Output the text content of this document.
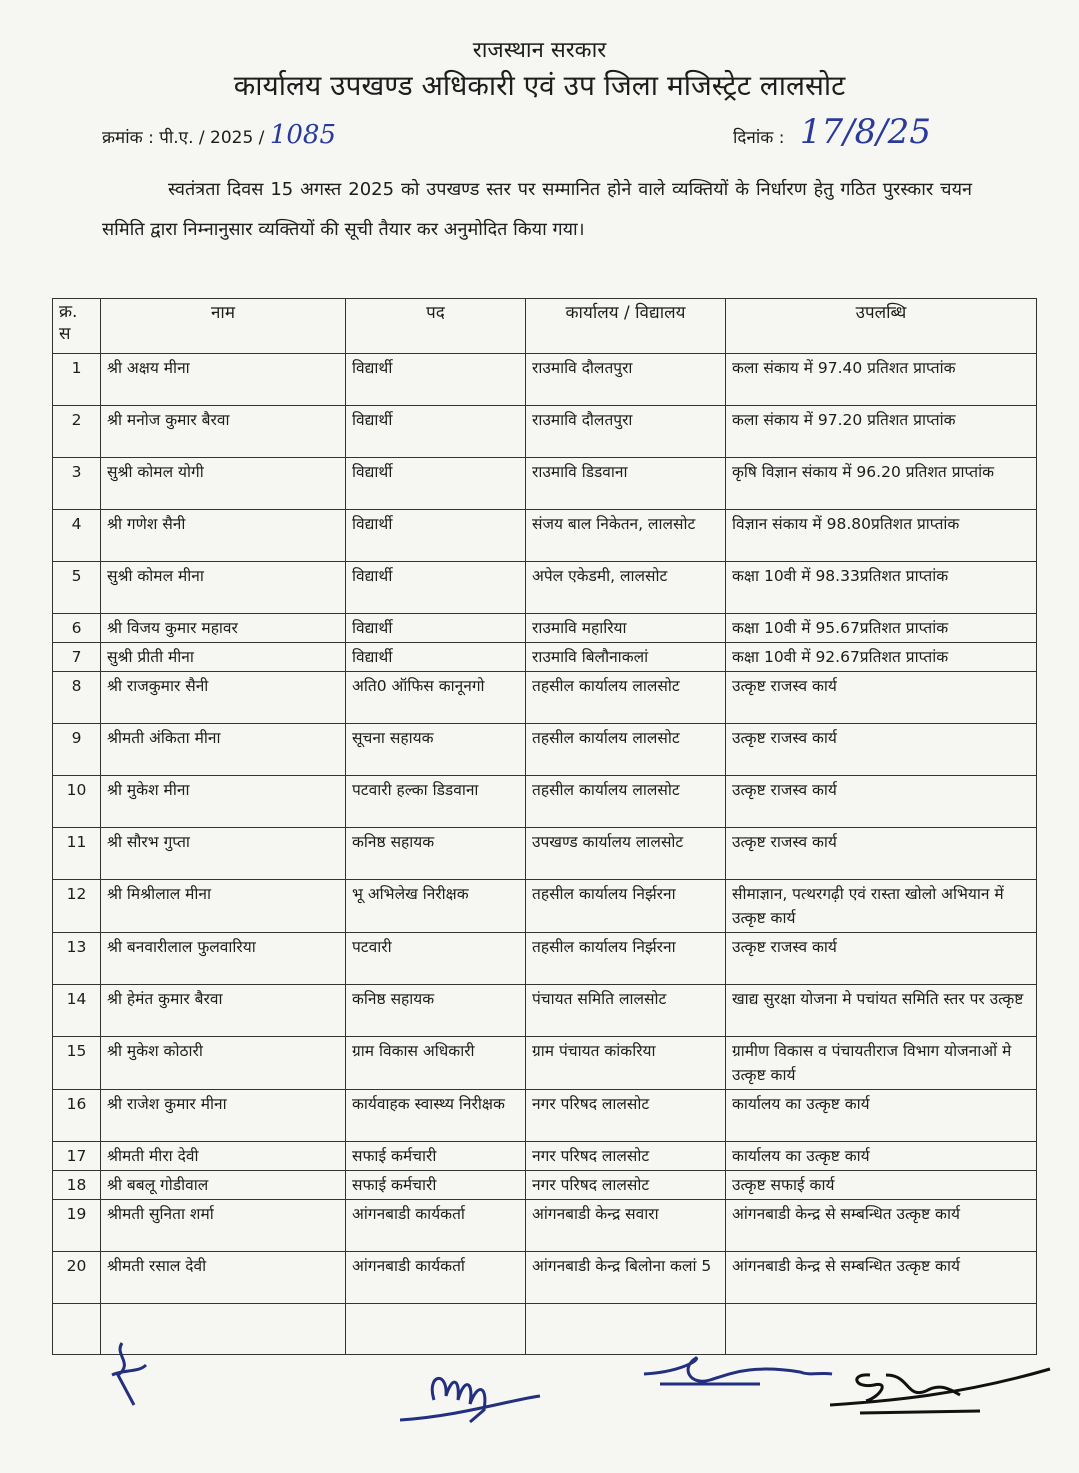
राजस्थान सरकार
कार्यालय उपखण्ड अधिकारी एवं उप जिला मजिस्ट्रेट लालसोट
क्रमांक : पी.ए. / 2025 / 1085	दिनांक : 17/8/25
स्वतंत्रता दिवस 15 अगस्त 2025 को उपखण्ड स्तर पर सम्मानित होने वाले व्यक्तियों के निर्धारण हेतु गठित पुरस्कार चयन समिति द्वारा निम्नानुसार व्यक्तियों की सूची तैयार कर अनुमोदित किया गया।
क्र. स	नाम	पद	कार्यालय / विद्यालय	उपलब्धि
1	श्री अक्षय मीना	विद्यार्थी	राउमावि दौलतपुरा	कला संकाय में 97.40 प्रतिशत प्राप्तांक
2	श्री मनोज कुमार बैरवा	विद्यार्थी	राउमावि दौलतपुरा	कला संकाय में 97.20 प्रतिशत प्राप्तांक
3	सुश्री कोमल योगी	विद्यार्थी	राउमावि डिडवाना	कृषि विज्ञान संकाय में 96.20 प्रतिशत प्राप्तांक
4	श्री गणेश सैनी	विद्यार्थी	संजय बाल निकेतन, लालसोट	विज्ञान संकाय में 98.80प्रतिशत प्राप्तांक
5	सुश्री कोमल मीना	विद्यार्थी	अपेल एकेडमी, लालसोट	कक्षा 10वी में 98.33प्रतिशत प्राप्तांक
6	श्री विजय कुमार महावर	विद्यार्थी	राउमावि महारिया	कक्षा 10वी में 95.67प्रतिशत प्राप्तांक
7	सुश्री प्रीती मीना	विद्यार्थी	राउमावि बिलौनाकलां	कक्षा 10वी में 92.67प्रतिशत प्राप्तांक
8	श्री राजकुमार सैनी	अति0 ऑफिस कानूनगो	तहसील कार्यालय लालसोट	उत्कृष्ट राजस्व कार्य
9	श्रीमती अंकिता मीना	सूचना सहायक	तहसील कार्यालय लालसोट	उत्कृष्ट राजस्व कार्य
10	श्री मुकेश मीना	पटवारी हल्का डिडवाना	तहसील कार्यालय लालसोट	उत्कृष्ट राजस्व कार्य
11	श्री सौरभ गुप्ता	कनिष्ठ सहायक	उपखण्ड कार्यालय लालसोट	उत्कृष्ट राजस्व कार्य
12	श्री मिश्रीलाल मीना	भू अभिलेख निरीक्षक	तहसील कार्यालय निर्झरना	सीमाज्ञान, पत्थरगढ़ी एवं रास्ता खोलो अभियान में उत्कृष्ट कार्य
13	श्री बनवारीलाल फुलवारिया	पटवारी	तहसील कार्यालय निर्झरना	उत्कृष्ट राजस्व कार्य
14	श्री हेमंत कुमार बैरवा	कनिष्ठ सहायक	पंचायत समिति लालसोट	खाद्य सुरक्षा योजना मे पचांयत समिति स्तर पर उत्कृष्ट
15	श्री मुकेश कोठारी	ग्राम विकास अधिकारी	ग्राम पंचायत कांकरिया	ग्रामीण विकास व पंचायतीराज विभाग योजनाओं मे उत्कृष्ट कार्य
16	श्री राजेश कुमार मीना	कार्यवाहक स्वास्थ्य निरीक्षक	नगर परिषद लालसोट	कार्यालय का उत्कृष्ट कार्य
17	श्रीमती मीरा देवी	सफाई कर्मचारी	नगर परिषद लालसोट	कार्यालय का उत्कृष्ट कार्य
18	श्री बबलू गोडीवाल	सफाई कर्मचारी	नगर परिषद लालसोट	उत्कृष्ट सफाई कार्य
19	श्रीमती सुनिता शर्मा	आंगनबाडी कार्यकर्ता	आंगनबाडी केन्द्र सवारा	आंगनबाडी केन्द्र से सम्बन्धित उत्कृष्ट कार्य
20	श्रीमती रसाल देवी	आंगनबाडी कार्यकर्ता	आंगनबाडी केन्द्र बिलोना कलां 5	आंगनबाडी केन्द्र से सम्बन्धित उत्कृष्ट कार्य
